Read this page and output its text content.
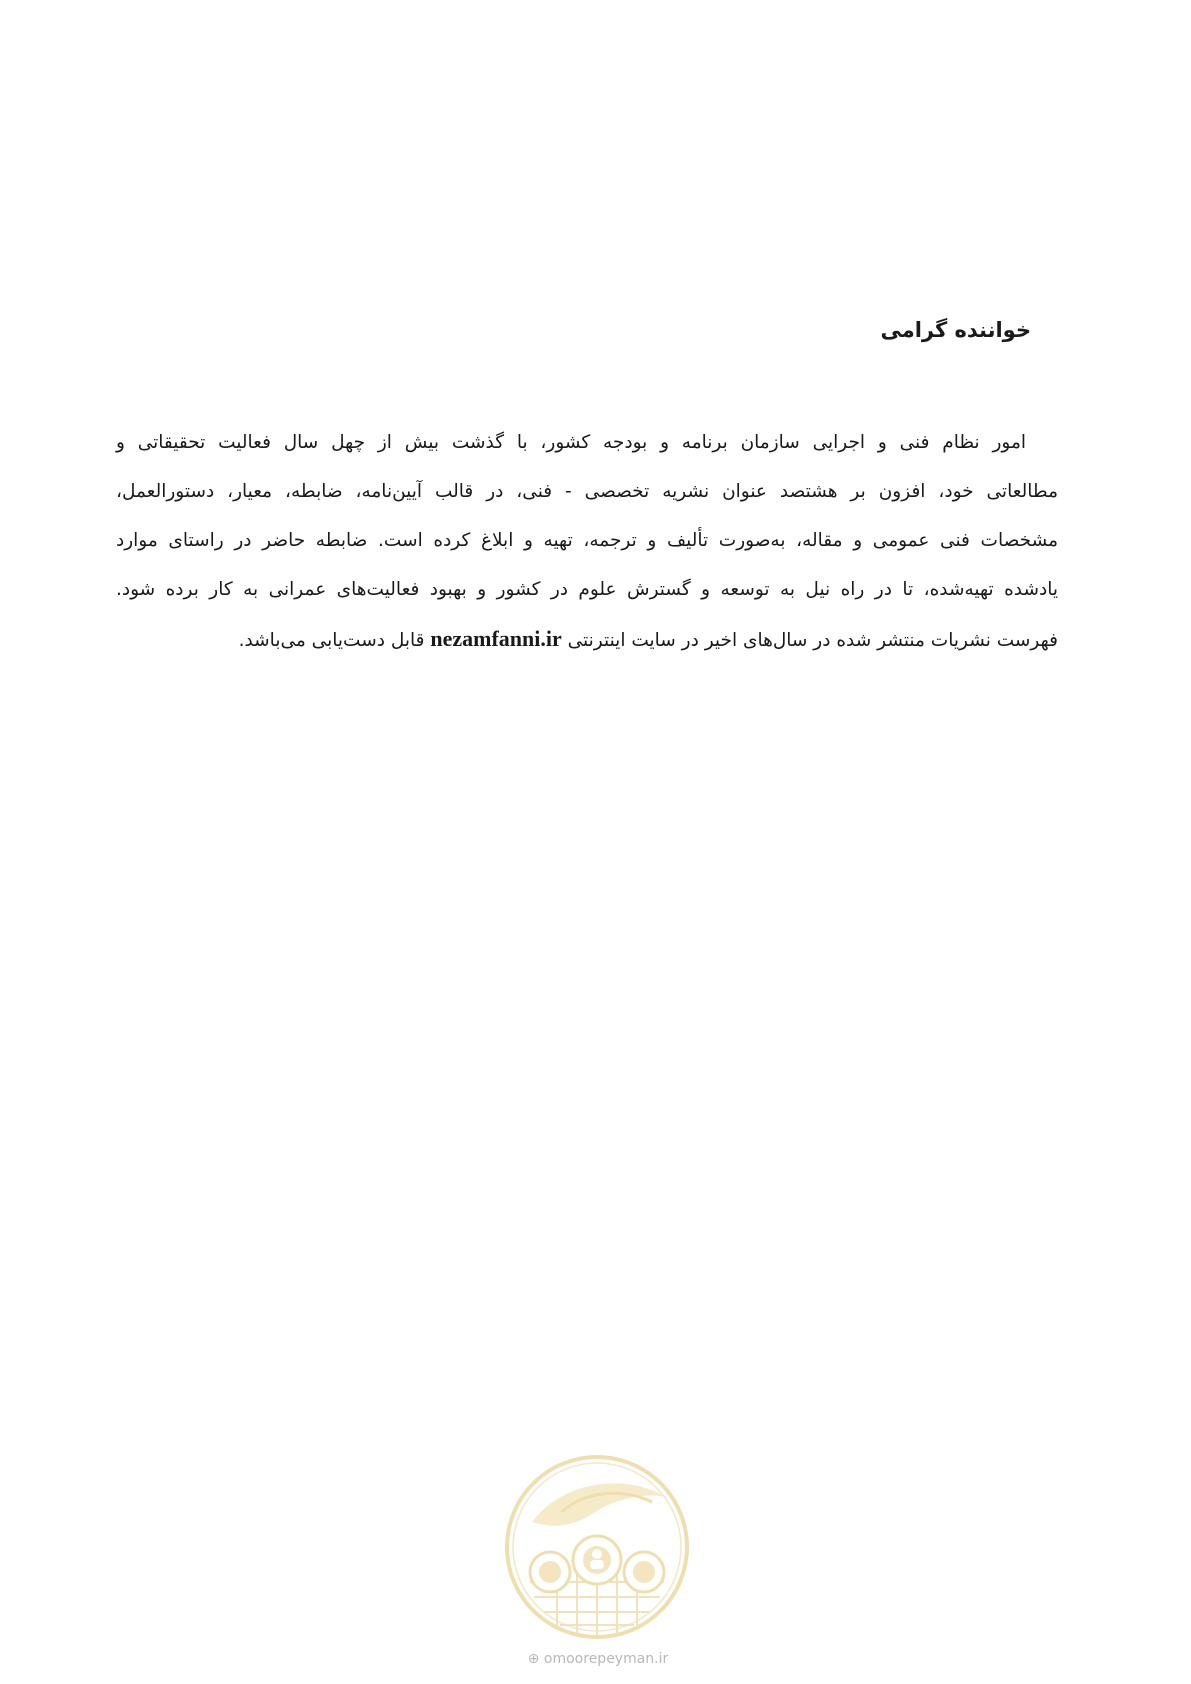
خواننده گرامی

امور نظام فنی و اجرایی سازمان برنامه و بودجه کشور، با گذشت بیش از چهل سال فعالیت تحقیقاتی و
مطالعاتی خود، افزون بر هشتصد عنوان نشریه تخصصی - فنی، در قالب آیین‌نامه، ضابطه، معیار، دستورالعمل،
مشخصات فنی عمومی و مقاله، به‌صورت تألیف و ترجمه، تهیه و ابلاغ کرده است. ضابطه حاضر در راستای موارد
یادشده تهیه‌شده، تا در راه نیل به توسعه و گسترش علوم در کشور و بهبود فعالیت‌های عمرانی به کار برده شود.
فهرست نشریات منتشر شده در سال‌های اخیر در سایت اینترنتی nezamfanni.ir قابل دست‌یابی می‌باشد.

⊕ omoorepeyman.ir
